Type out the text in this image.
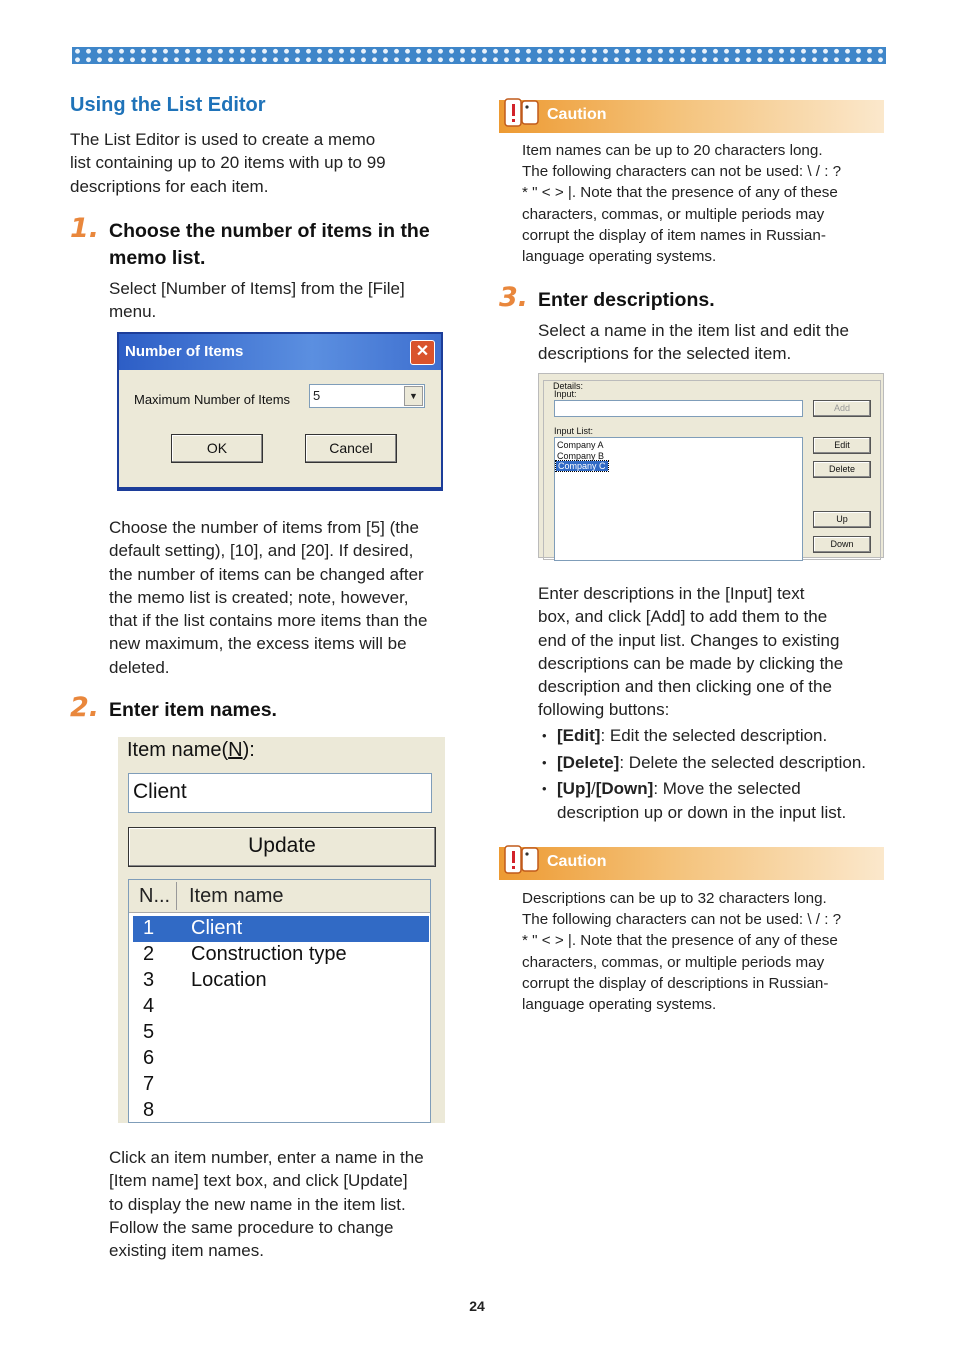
Using the List Editor
The List Editor is used to create a memo
list containing up to 20 items with up to 99
descriptions for each item.
1. Choose the number of items in the
memo list.
Select [Number of Items] from the [File]
menu.
Number of Items	✕
Maximum Number of Items 5	▼
OK	Cancel
Choose the number of items from [5] (the
default setting), [10], and [20]. If desired,
the number of items can be changed after
the memo list is created; note, however,
that if the list contains more items than the
new maximum, the excess items will be
deleted.
2. Enter item names.
Item name(N):
Client
Update
N... Item name
1 Client
2 Construction type
3 Location
4
5
6
7
8
Click an item number, enter a name in the
[Item name] text box, and click [Update]
to display the new name in the item list.
Follow the same procedure to change
existing item names.
Caution
Item names can be up to 20 characters long.
The following characters can not be used: \ / : ?
* " < > |. Note that the presence of any of these
characters, commas, or multiple periods may
corrupt the display of item names in Russian-
language operating systems.
3. Enter descriptions.
Select a name in the item list and edit the
descriptions for the selected item.
Details:
Input:
Add
Input List:
Company A
Company B
Company C
Edit
Delete
Up
Down
Enter descriptions in the [Input] text
box, and click [Add] to add them to the
end of the input list. Changes to existing
descriptions can be made by clicking the
description and then clicking one of the
following buttons:
• [Edit]: Edit the selected description.
• [Delete]: Delete the selected description.
• [Up]/[Down]: Move the selected
description up or down in the input list.
Caution
Descriptions can be up to 32 characters long.
The following characters can not be used: \ / : ?
* " < > |. Note that the presence of any of these
characters, commas, or multiple periods may
corrupt the display of descriptions in Russian-
language operating systems.
24
